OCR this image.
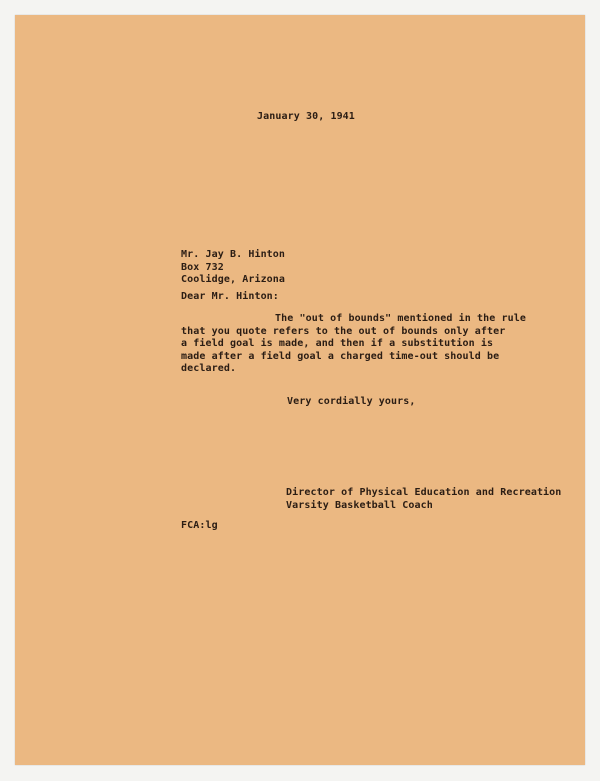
January 30, 1941
Mr. Jay B. Hinton
Box 732
Coolidge, Arizona
Dear Mr. Hinton:
The "out of bounds" mentioned in the rule
that you quote refers to the out of bounds only after
a field goal is made, and then if a substitution is
made after a field goal a charged time-out should be
declared.
Very cordially yours,
Director of Physical Education and Recreation
Varsity Basketball Coach
FCA:lg
